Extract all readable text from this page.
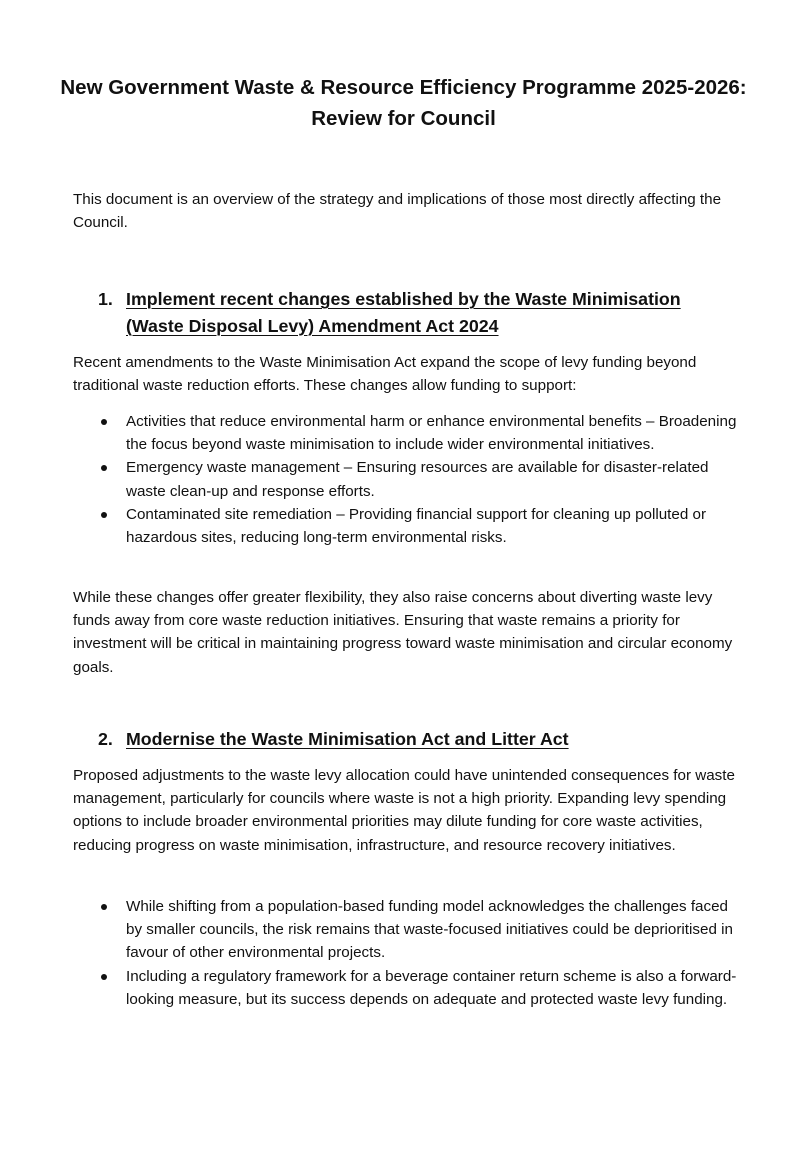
New Government Waste & Resource Efficiency Programme 2025-2026: Review for Council

This document is an overview of the strategy and implications of those most directly affecting the Council.

1. Implement recent changes established by the Waste Minimisation (Waste Disposal Levy) Amendment Act 2024

Recent amendments to the Waste Minimisation Act expand the scope of levy funding beyond traditional waste reduction efforts. These changes allow funding to support:

Activities that reduce environmental harm or enhance environmental benefits – Broadening the focus beyond waste minimisation to include wider environmental initiatives.
Emergency waste management – Ensuring resources are available for disaster-related waste clean-up and response efforts.
Contaminated site remediation – Providing financial support for cleaning up polluted or hazardous sites, reducing long-term environmental risks.

While these changes offer greater flexibility, they also raise concerns about diverting waste levy funds away from core waste reduction initiatives. Ensuring that waste remains a priority for investment will be critical in maintaining progress toward waste minimisation and circular economy goals.

2. Modernise the Waste Minimisation Act and Litter Act

Proposed adjustments to the waste levy allocation could have unintended consequences for waste management, particularly for councils where waste is not a high priority. Expanding levy spending options to include broader environmental priorities may dilute funding for core waste activities, reducing progress on waste minimisation, infrastructure, and resource recovery initiatives.

While shifting from a population-based funding model acknowledges the challenges faced by smaller councils, the risk remains that waste-focused initiatives could be deprioritised in favour of other environmental projects.
Including a regulatory framework for a beverage container return scheme is also a forward-looking measure, but its success depends on adequate and protected waste levy funding.
